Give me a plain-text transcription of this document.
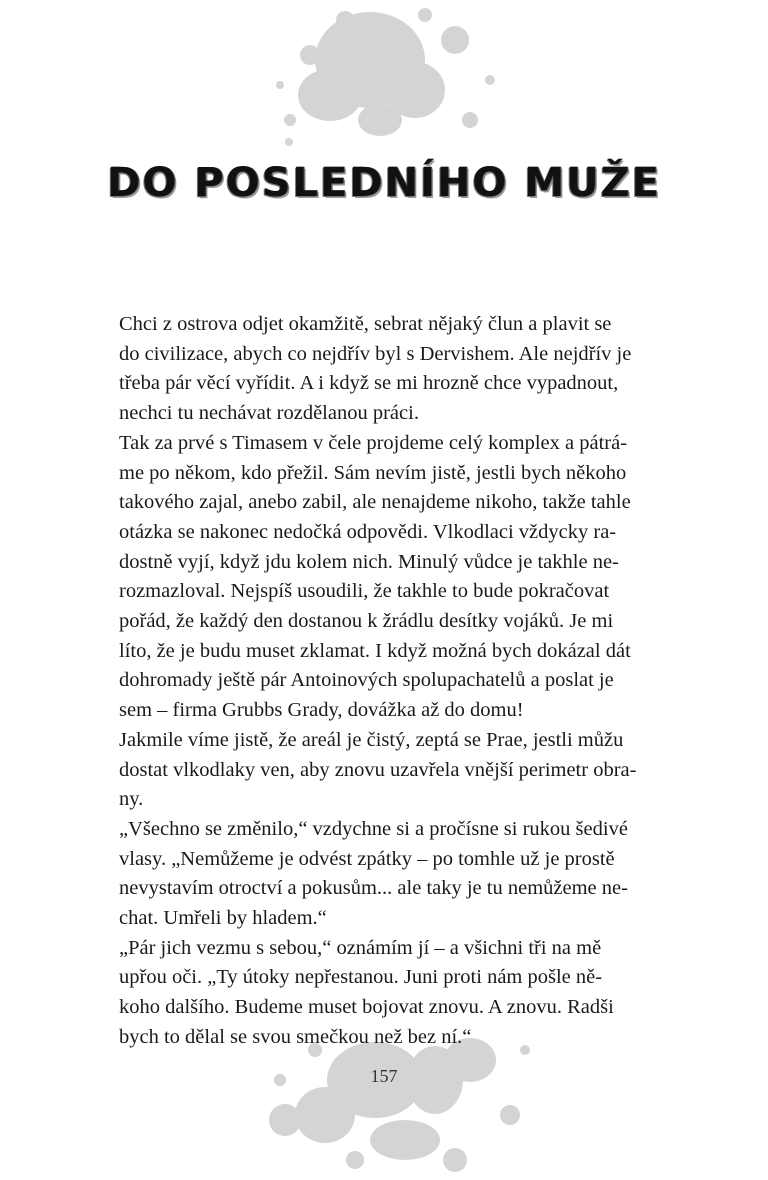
DO POSLEDNÍHO MUŽE
Chci z ostrova odjet okamžitě, sebrat nějaký člun a plavit se
do civilizace, abych co nejdřív byl s Dervishem. Ale nejdřív je
třeba pár věcí vyřídit. A i když se mi hrozně chce vypadnout,
nechci tu nechávat rozdělanou práci.
Tak za prvé s Timasem v čele projdeme celý komplex a pátrá-
me po někom, kdo přežil. Sám nevím jistě, jestli bych někoho
takového zajal, anebo zabil, ale nenajdeme nikoho, takže tahle
otázka se nakonec nedočká odpovědi. Vlkodlaci vždycky ra-
dostně vyjí, když jdu kolem nich. Minulý vůdce je takhle ne-
rozmazloval. Nejspíš usoudili, že takhle to bude pokračovat
pořád, že každý den dostanou k žrádlu desítky vojáků. Je mi
líto, že je budu muset zklamat. I když možná bych dokázal dát
dohromady ještě pár Antoinových spolupachatelů a poslat je
sem – firma Grubbs Grady, dovážka až do domu!
Jakmile víme jistě, že areál je čistý, zeptá se Prae, jestli můžu
dostat vlkodlaky ven, aby znovu uzavřela vnější perimetr obra-
ny.
„Všechno se změnilo,“ vzdychne si a pročísne si rukou šedivé
vlasy. „Nemůžeme je odvést zpátky – po tomhle už je prostě
nevystavím otroctví a pokusům... ale taky je tu nemůžeme ne-
chat. Umřeli by hladem.“
„Pár jich vezmu s sebou,“ oznámím jí – a všichni tři na mě
upřou oči. „Ty útoky nepřestanou. Juni proti nám pošle ně-
koho dalšího. Budeme muset bojovat znovu. A znovu. Radši
bych to dělal se svou smečkou než bez ní.“
157
